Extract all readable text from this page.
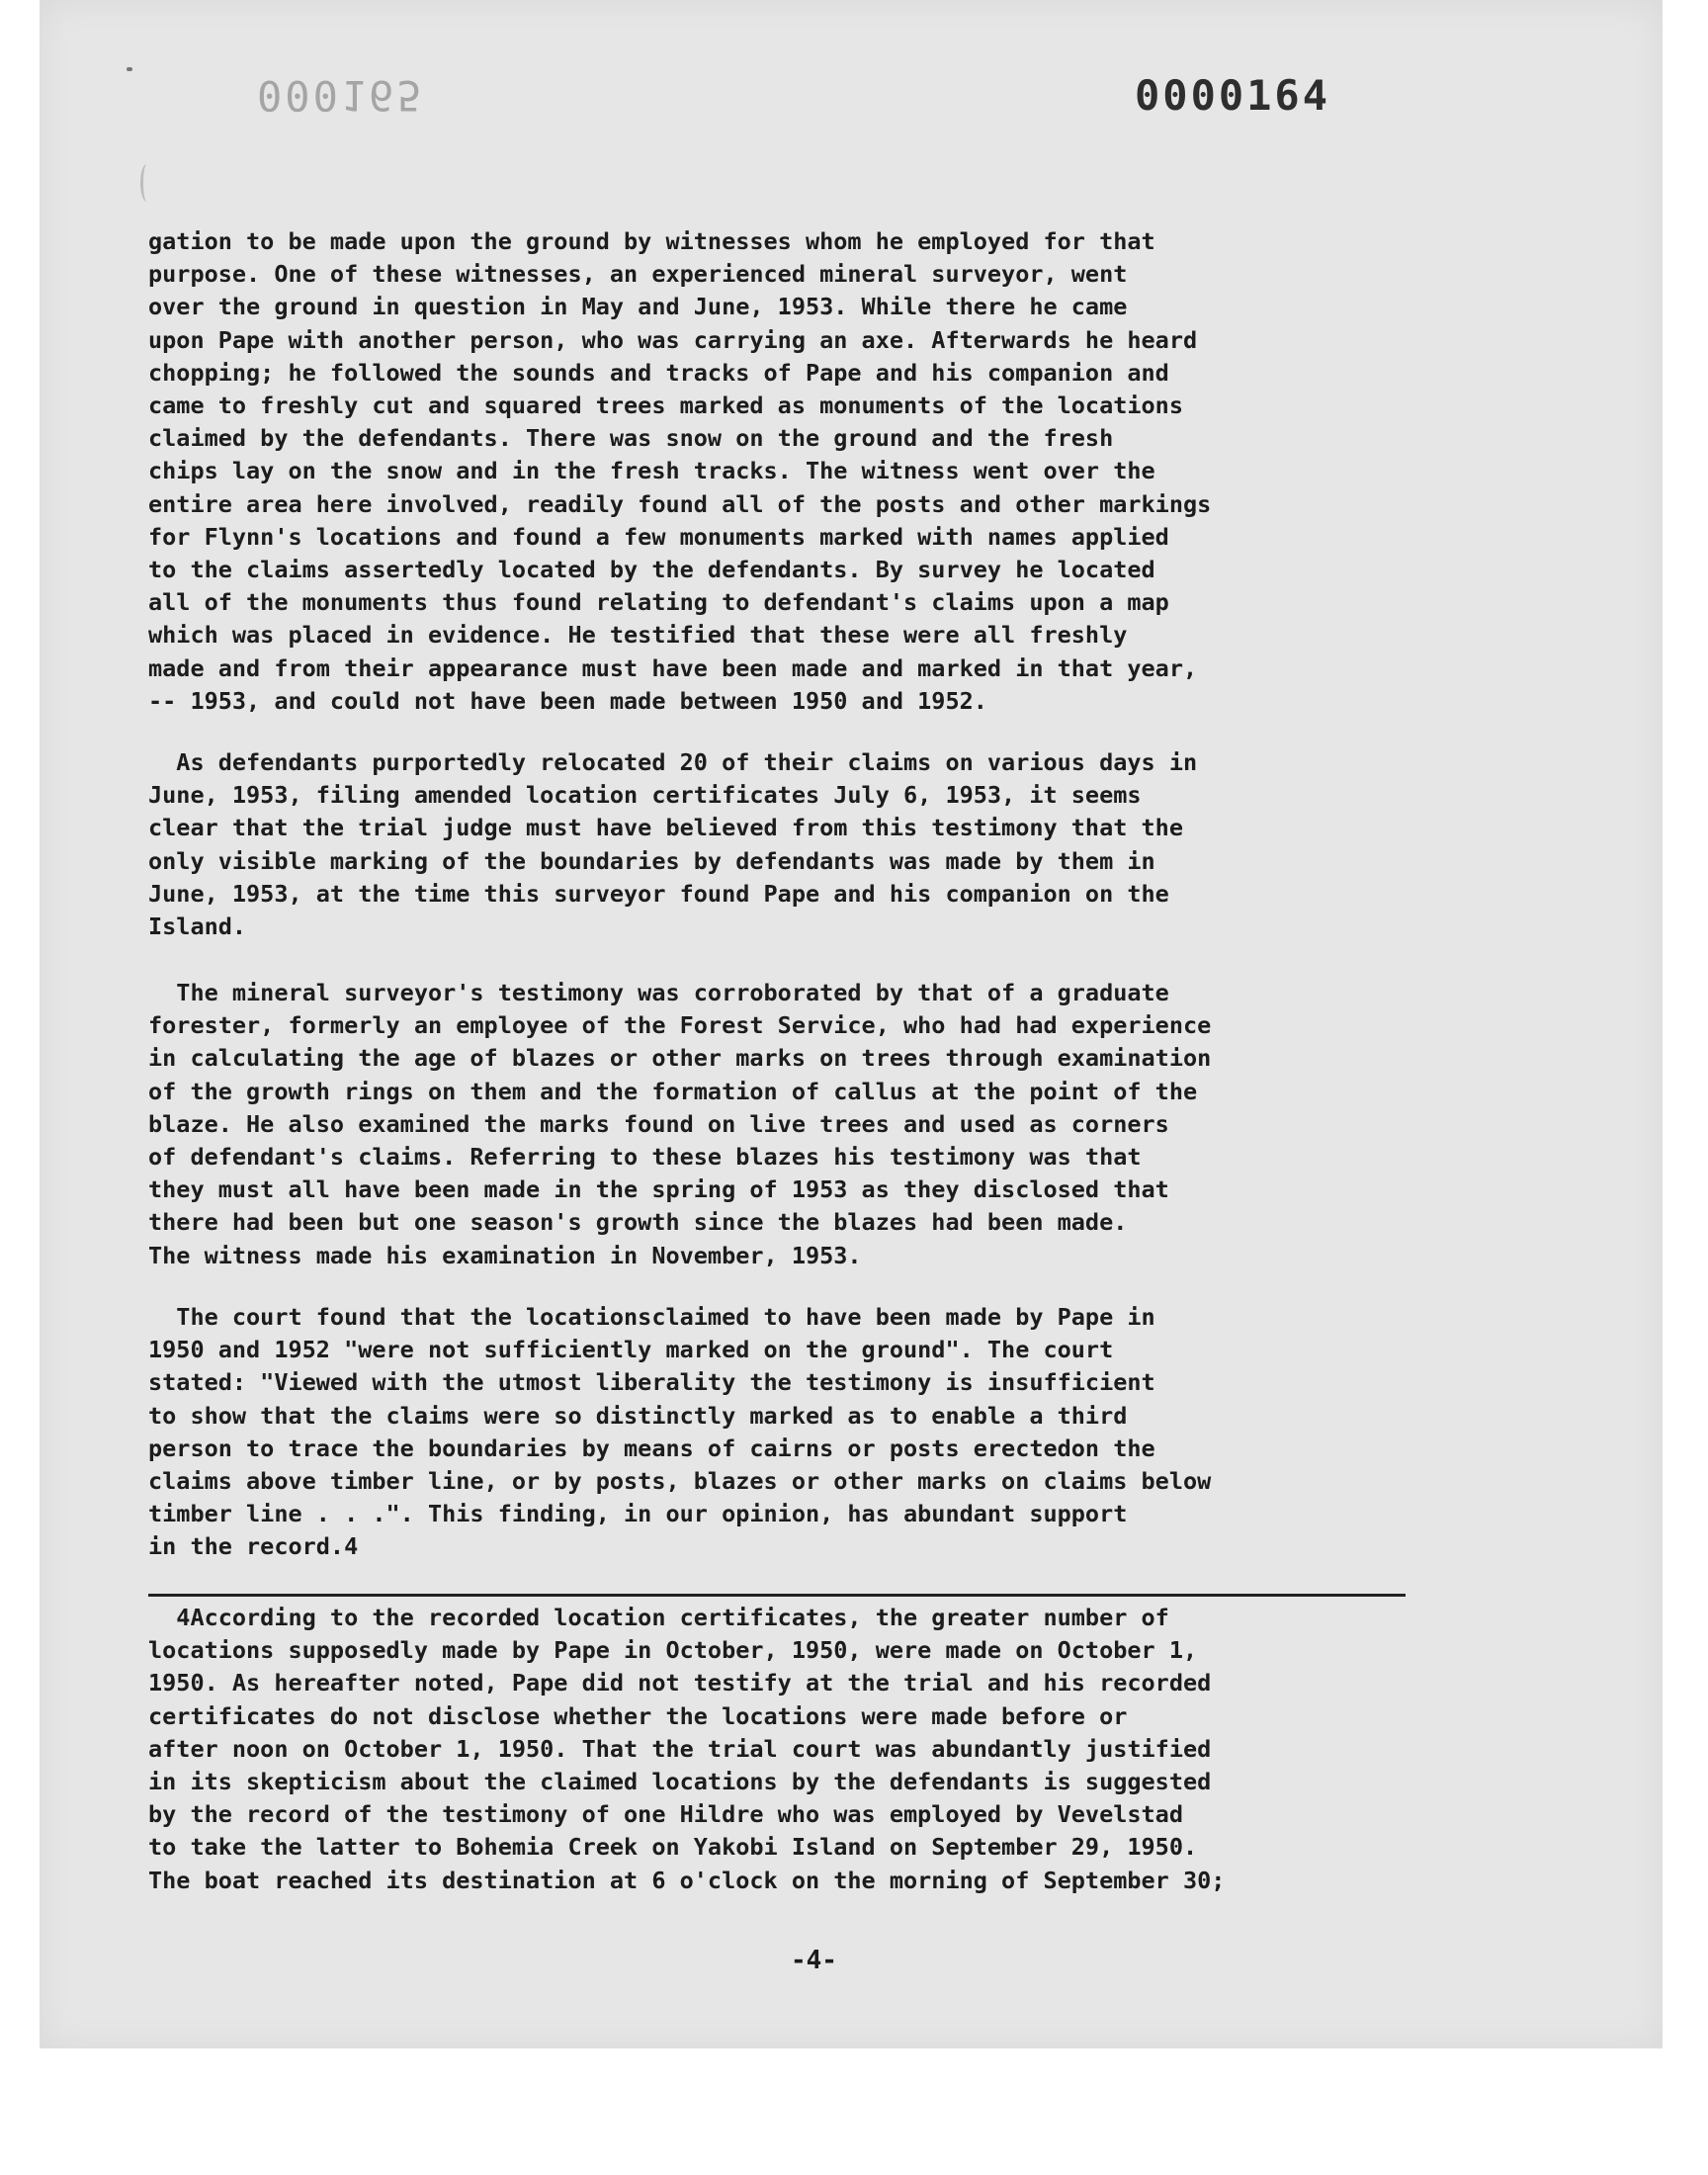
000165	0000164

gation to be made upon the ground by witnesses whom he employed for that
purpose. One of these witnesses, an experienced mineral surveyor, went
over the ground in question in May and June, 1953. While there he came
upon Pape with another person, who was carrying an axe. Afterwards he heard
chopping; he followed the sounds and tracks of Pape and his companion and
came to freshly cut and squared trees marked as monuments of the locations
claimed by the defendants. There was snow on the ground and the fresh
chips lay on the snow and in the fresh tracks. The witness went over the
entire area here involved, readily found all of the posts and other markings
for Flynn's locations and found a few monuments marked with names applied
to the claims assertedly located by the defendants. By survey he located
all of the monuments thus found relating to defendant's claims upon a map
which was placed in evidence. He testified that these were all freshly
made and from their appearance must have been made and marked in that year,
-- 1953, and could not have been made between 1950 and 1952.

As defendants purportedly relocated 20 of their claims on various days in
June, 1953, filing amended location certificates July 6, 1953, it seems
clear that the trial judge must have believed from this testimony that the
only visible marking of the boundaries by defendants was made by them in
June, 1953, at the time this surveyor found Pape and his companion on the
Island.

The mineral surveyor's testimony was corroborated by that of a graduate
forester, formerly an employee of the Forest Service, who had had experience
in calculating the age of blazes or other marks on trees through examination
of the growth rings on them and the formation of callus at the point of the
blaze. He also examined the marks found on live trees and used as corners
of defendant's claims. Referring to these blazes his testimony was that
they must all have been made in the spring of 1953 as they disclosed that
there had been but one season's growth since the blazes had been made.
The witness made his examination in November, 1953.

The court found that the locationsclaimed to have been made by Pape in
1950 and 1952 "were not sufficiently marked on the ground". The court
stated: "Viewed with the utmost liberality the testimony is insufficient
to show that the claims were so distinctly marked as to enable a third
person to trace the boundaries by means of cairns or posts erectedon the
claims above timber line, or by posts, blazes or other marks on claims below
timber line . . .". This finding, in our opinion, has abundant support
in the record.4

4According to the recorded location certificates, the greater number of
locations supposedly made by Pape in October, 1950, were made on October 1,
1950. As hereafter noted, Pape did not testify at the trial and his recorded
certificates do not disclose whether the locations were made before or
after noon on October 1, 1950. That the trial court was abundantly justified
in its skepticism about the claimed locations by the defendants is suggested
by the record of the testimony of one Hildre who was employed by Vevelstad
to take the latter to Bohemia Creek on Yakobi Island on September 29, 1950.
The boat reached its destination at 6 o'clock on the morning of September 30;

-4-
